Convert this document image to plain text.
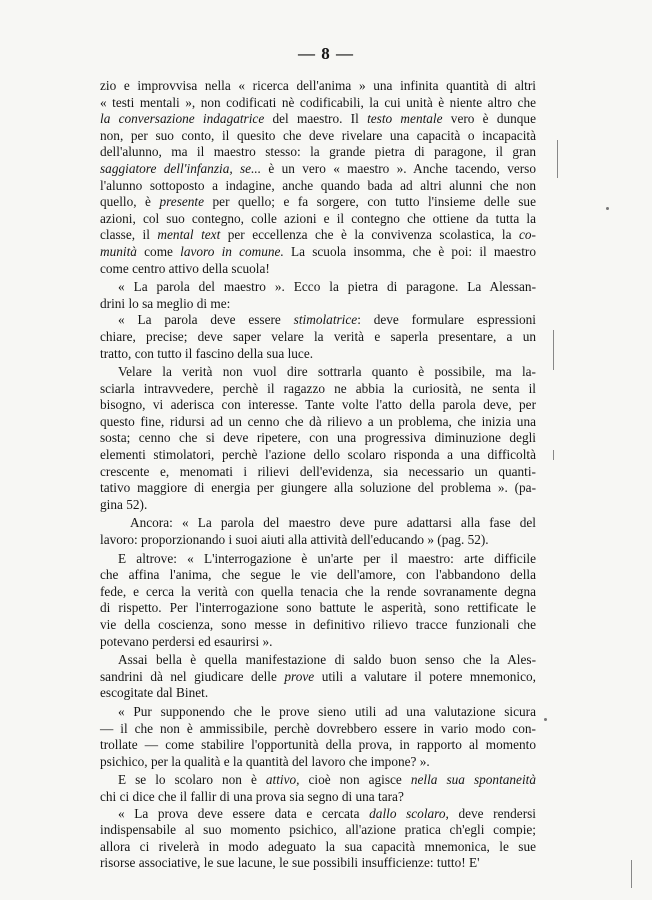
— 8 —
zio e improvvisa nella « ricerca dell'anima » una infinita quantità di altri
« testi mentali », non codificati nè codificabili, la cui unità è niente altro che
la conversazione indagatrice del maestro. Il testo mentale vero è dunque
non, per suo conto, il quesito che deve rivelare una capacità o incapacità
dell'alunno, ma il maestro stesso: la grande pietra di paragone, il gran
saggiatore dell'infanzia, se... è un vero « maestro ». Anche tacendo, verso
l'alunno sottoposto a indagine, anche quando bada ad altri alunni che non
quello, è presente per quello; e fa sorgere, con tutto l'insieme delle sue
azioni, col suo contegno, colle azioni e il contegno che ottiene da tutta la
classe, il mental text per eccellenza che è la convivenza scolastica, la co-
munità come lavoro in comune. La scuola insomma, che è poi: il maestro
come centro attivo della scuola!
« La parola del maestro ». Ecco la pietra di paragone. La Alessan-
drini lo sa meglio di me:
« La parola deve essere stimolatrice: deve formulare espressioni
chiare, precise; deve saper velare la verità e saperla presentare, a un
tratto, con tutto il fascino della sua luce.
Velare la verità non vuol dire sottrarla quanto è possibile, ma la-
sciarla intravvedere, perchè il ragazzo ne abbia la curiosità, ne senta il
bisogno, vi aderisca con interesse. Tante volte l'atto della parola deve, per
questo fine, ridursi ad un cenno che dà rilievo a un problema, che inizia una
sosta; cenno che si deve ripetere, con una progressiva diminuzione degli
elementi stimolatori, perchè l'azione dello scolaro risponda a una difficoltà
crescente e, menomati i rilievi dell'evidenza, sia necessario un quanti-
tativo maggiore di energia per giungere alla soluzione del problema ». (pa-
gina 52).
Ancora: « La parola del maestro deve pure adattarsi alla fase del
lavoro: proporzionando i suoi aiuti alla attività dell'educando » (pag. 52).
E altrove: « L'interrogazione è un'arte per il maestro: arte difficile
che affina l'anima, che segue le vie dell'amore, con l'abbandono della
fede, e cerca la verità con quella tenacia che la rende sovranamente degna
di rispetto. Per l'interrogazione sono battute le asperità, sono rettificate le
vie della coscienza, sono messe in definitivo rilievo tracce funzionali che
potevano perdersi ed esaurirsi ».
Assai bella è quella manifestazione di saldo buon senso che la Ales-
sandrini dà nel giudicare delle prove utili a valutare il potere mnemonico,
escogitate dal Binet.
« Pur supponendo che le prove sieno utili ad una valutazione sicura
— il che non è ammissibile, perchè dovrebbero essere in vario modo con-
trollate — come stabilire l'opportunità della prova, in rapporto al momento
psichico, per la qualità e la quantità del lavoro che impone? ».
E se lo scolaro non è attivo, cioè non agisce nella sua spontaneità
chi ci dice che il fallir di una prova sia segno di una tara?
« La prova deve essere data e cercata dallo scolaro, deve rendersi
indispensabile al suo momento psichico, all'azione pratica ch'egli compie;
allora ci rivelerà in modo adeguato la sua capacità mnemonica, le sue
risorse associative, le sue lacune, le sue possibili insufficienze: tutto! E'
